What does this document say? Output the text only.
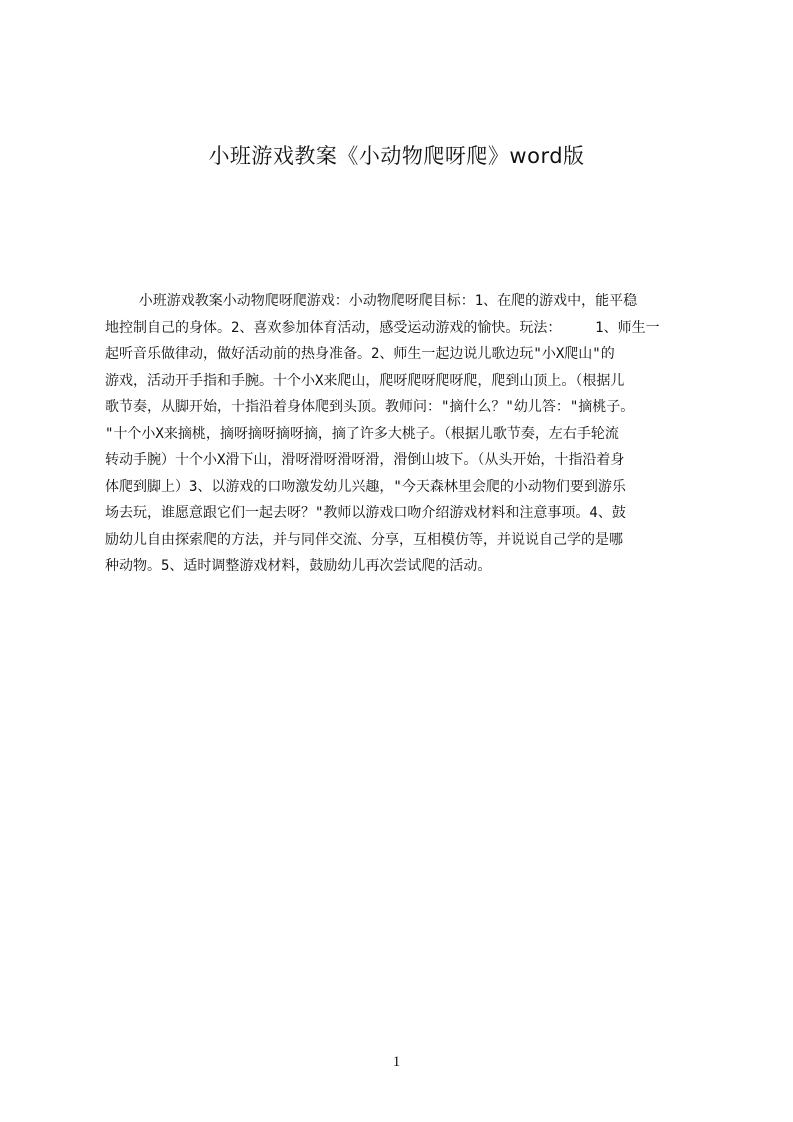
小班游戏教案《小动物爬呀爬》word版
小班游戏教案小动物爬呀爬游戏：小动物爬呀爬目标：1、在爬的游戏中，能平稳
地控制自己的身体。2、喜欢参加体育活动，感受运动游戏的愉快。玩法：    1、师生一
起听音乐做律动，做好活动前的热身准备。2、师生一起边说儿歌边玩"小X爬山"的
游戏，活动开手指和手腕。十个小X来爬山，爬呀爬呀爬呀爬，爬到山顶上。（根据儿
歌节奏，从脚开始，十指沿着身体爬到头顶。教师问："摘什么？"幼儿答："摘桃子。
"十个小X来摘桃，摘呀摘呀摘呀摘，摘了许多大桃子。（根据儿歌节奏，左右手轮流
转动手腕）十个小X滑下山，滑呀滑呀滑呀滑，滑倒山坡下。（从头开始，十指沿着身
体爬到脚上）3、以游戏的口吻激发幼儿兴趣，"今天森林里会爬的小动物们要到游乐
场去玩，谁愿意跟它们一起去呀？"教师以游戏口吻介绍游戏材料和注意事项。4、鼓
励幼儿自由探索爬的方法，并与同伴交流、分享，互相模仿等，并说说自己学的是哪
种动物。5、适时调整游戏材料，鼓励幼儿再次尝试爬的活动。
1
